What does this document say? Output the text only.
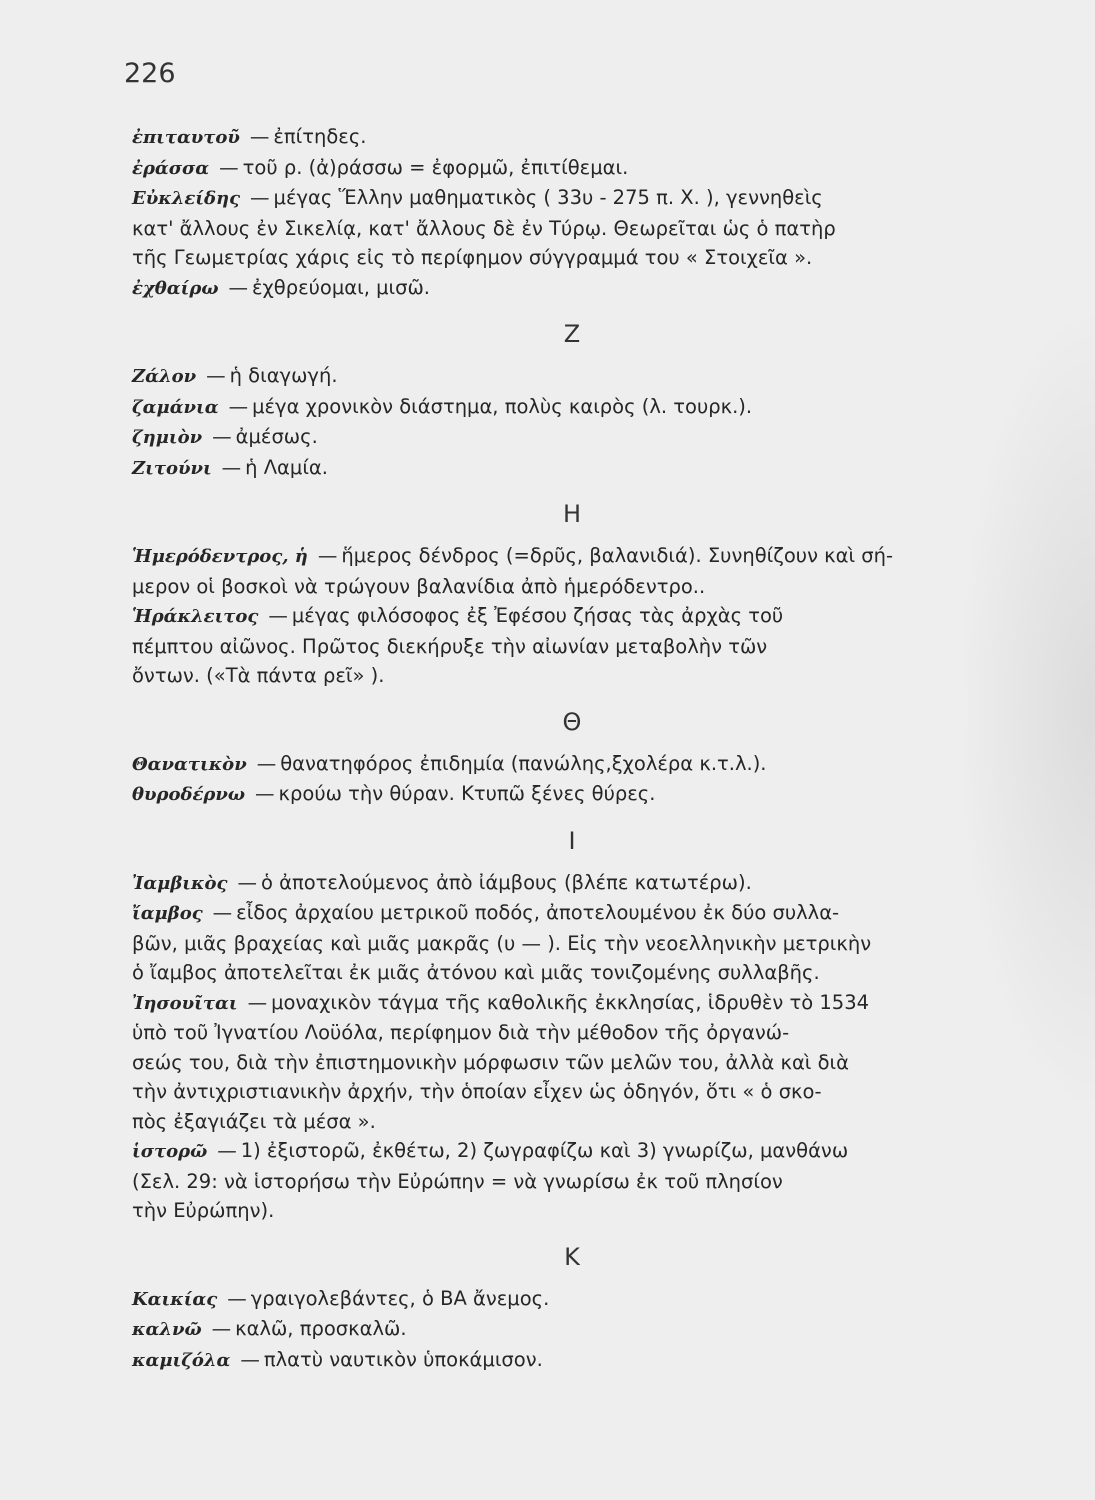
226

ἐπιταυτοῦ — ἐπίτηδες.

ἐράσσα — τοῦ ρ. (ἀ)ράσσω = ἐφορμῶ, ἐπιτίθεμαι.

Εὐκλείδης — μέγας Ἕλλην μαθηματικὸς ( 33υ - 275 π. Χ. ), γεννηθεὶς

κατ' ἄλλους ἐν Σικελίᾳ, κατ' ἄλλους δὲ ἐν Τύρῳ. Θεωρεῖται ὡς ὁ πατὴρ

τῆς Γεωμετρίας χάρις εἰς τὸ περίφημον σύγγραμμά του « Στοιχεῖα ».

ἐχθαίρω — ἐχθρεύομαι, μισῶ.

Z

Ζάλον — ἡ διαγωγή.

ζαμάνια — μέγα χρονικὸν διάστημα, πολὺς καιρὸς (λ. τουρκ.).

ζημιὸν — ἀμέσως.

Ζιτούνι — ἡ Λαμία.

H

Ἡμερόδεντρος, ἡ — ἥμερος δένδρος (=δρῦς, βαλανιδιά). Συνηθίζουν καὶ σή-

μερον οἱ βοσκοὶ νὰ τρώγουν βαλανίδια ἀπὸ ἡμερόδεντρο..

Ἡράκλειτος — μέγας φιλόσοφος ἐξ Ἐφέσου ζήσας τὰς ἀρχὰς τοῦ

πέμπτου αἰῶνος. Πρῶτος διεκήρυξε τὴν αἰωνίαν μεταβολὴν τῶν

ὄντων. («Τὰ πάντα ρεῖ» ).

Θ

Θανατικὸν — θανατηφόρος ἐπιδημία (πανώλης,ξχολέρα κ.τ.λ.).

θυροδέρνω — κρούω τὴν θύραν. Κτυπῶ ξένες θύρες.

I

Ἰαμβικὸς — ὁ ἀποτελούμενος ἀπὸ ἰάμβους (βλέπε κατωτέρω).

ἴαμβος — εἶδος ἀρχαίου μετρικοῦ ποδός, ἀποτελουμένου ἐκ δύο συλλα-

βῶν, μιᾶς βραχείας καὶ μιᾶς μακρᾶς (υ — ). Εἰς τὴν νεοελληνικὴν μετρικὴν

ὁ ἴαμβος ἀποτελεῖται ἐκ μιᾶς ἀτόνου καὶ μιᾶς τονιζομένης συλλαβῆς.

Ἰησουῖται — μοναχικὸν τάγμα τῆς καθολικῆς ἐκκλησίας, ἱδρυθὲν τὸ 1534

ὑπὸ τοῦ Ἰγνατίου Λοϋόλα, περίφημον διὰ τὴν μέθοδον τῆς ὀργανώ-

σεώς του, διὰ τὴν ἐπιστημονικὴν μόρφωσιν τῶν μελῶν του, ἀλλὰ καὶ διὰ

τὴν ἀντιχριστιανικὴν ἀρχήν, τὴν ὁποίαν εἶχεν ὡς ὁδηγόν, ὅτι « ὁ σκο-

πὸς ἐξαγιάζει τὰ μέσα ».

ἱστορῶ — 1) ἐξιστορῶ, ἐκθέτω, 2) ζωγραφίζω καὶ 3) γνωρίζω, μανθάνω

(Σελ. 29: νὰ ἱστορήσω τὴν Εὐρώπην = νὰ γνωρίσω ἐκ τοῦ πλησίον

τὴν Εὐρώπην).

K

Καικίας — γραιγολεβάντες, ὁ ΒΑ ἄνεμος.

καλνῶ — καλῶ, προσκαλῶ.

καμιζόλα — πλατὺ ναυτικὸν ὑποκάμισον.
